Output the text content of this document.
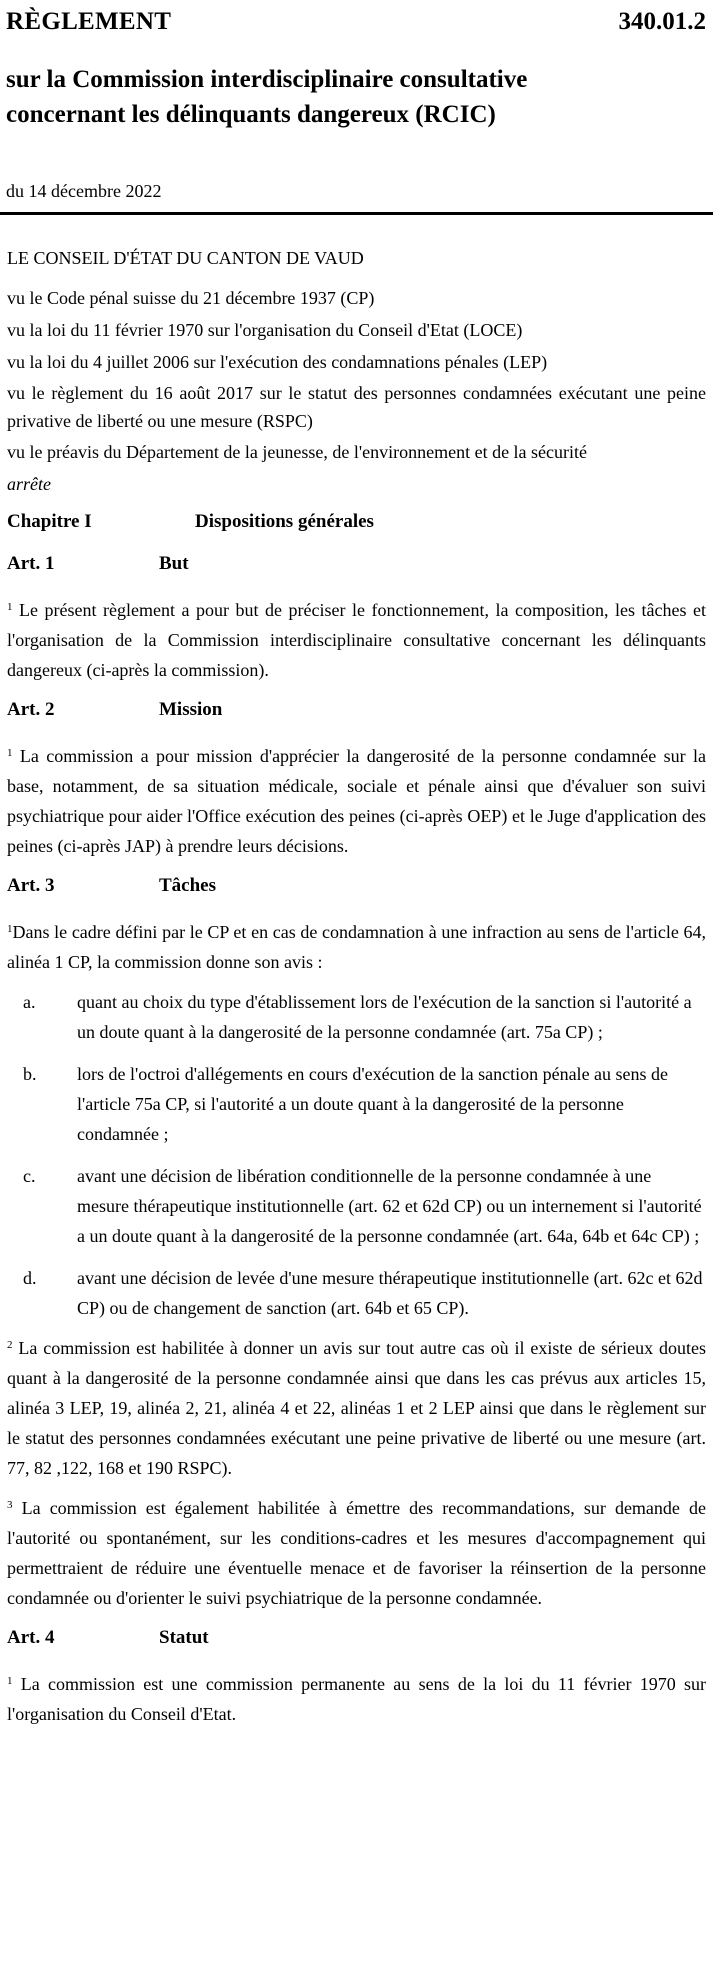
RÈGLEMENT	340.01.2
sur la Commission interdisciplinaire consultative
concernant les délinquants dangereux (RCIC)
du 14 décembre 2022

LE CONSEIL D'ÉTAT DU CANTON DE VAUD

vu le Code pénal suisse du 21 décembre 1937 (CP)

vu la loi du 11 février 1970 sur l'organisation du Conseil d'Etat (LOCE)

vu la loi du 4 juillet 2006 sur l'exécution des condamnations pénales (LEP)

vu le règlement du 16 août 2017 sur le statut des personnes condamnées exécutant une peine privative de liberté ou une mesure (RSPC)

vu le préavis du Département de la jeunesse, de l'environnement et de la sécurité

arrête

Chapitre I	Dispositions générales
Art. 1	But

$^1$ Le présent règlement a pour but de préciser le fonctionnement, la composition, les tâches et l'organisation de la Commission interdisciplinaire consultative concernant les délinquants dangereux (ci-après la commission).

Art. 2	Mission

$^1$ La commission a pour mission d'apprécier la dangerosité de la personne condamnée sur la base, notamment, de sa situation médicale, sociale et pénale ainsi que d'évaluer son suivi psychiatrique pour aider l'Office exécution des peines (ci-après OEP) et le Juge d'application des peines (ci-après JAP) à prendre leurs décisions.

Art. 3	Tâches

$^1$Dans le cadre défini par le CP et en cas de condamnation à une infraction au sens de l'article 64, alinéa 1 CP, la commission donne son avis :

a. quant au choix du type d'établissement lors de l'exécution de la sanction si l'autorité a un doute quant à la dangerosité de la personne condamnée (art. 75a CP) ;
b. lors de l'octroi d'allégements en cours d'exécution de la sanction pénale au sens de l'article 75a CP, si l'autorité a un doute quant à la dangerosité de la personne condamnée ;
c. avant une décision de libération conditionnelle de la personne condamnée à une mesure thérapeutique institutionnelle (art. 62 et 62d CP) ou un internement si l'autorité a un doute quant à la dangerosité de la personne condamnée (art. 64a, 64b et 64c CP) ;
d. avant une décision de levée d'une mesure thérapeutique institutionnelle (art. 62c et 62d CP) ou de changement de sanction (art. 64b et 65 CP).

$^2$ La commission est habilitée à donner un avis sur tout autre cas où il existe de sérieux doutes quant à la dangerosité de la personne condamnée ainsi que dans les cas prévus aux articles 15, alinéa 3 LEP, 19, alinéa 2, 21, alinéa 4 et 22, alinéas 1 et 2 LEP ainsi que dans le règlement sur le statut des personnes condamnées exécutant une peine privative de liberté ou une mesure (art. 77, 82 ,122, 168 et 190 RSPC).

$^3$ La commission est également habilitée à émettre des recommandations, sur demande de l'autorité ou spontanément, sur les conditions-cadres et les mesures d'accompagnement qui permettraient de réduire une éventuelle menace et de favoriser la réinsertion de la personne condamnée ou d'orienter le suivi psychiatrique de la personne condamnée.

Art. 4	Statut

$^1$ La commission est une commission permanente au sens de la loi du 11 février 1970 sur l'organisation du Conseil d'Etat.
